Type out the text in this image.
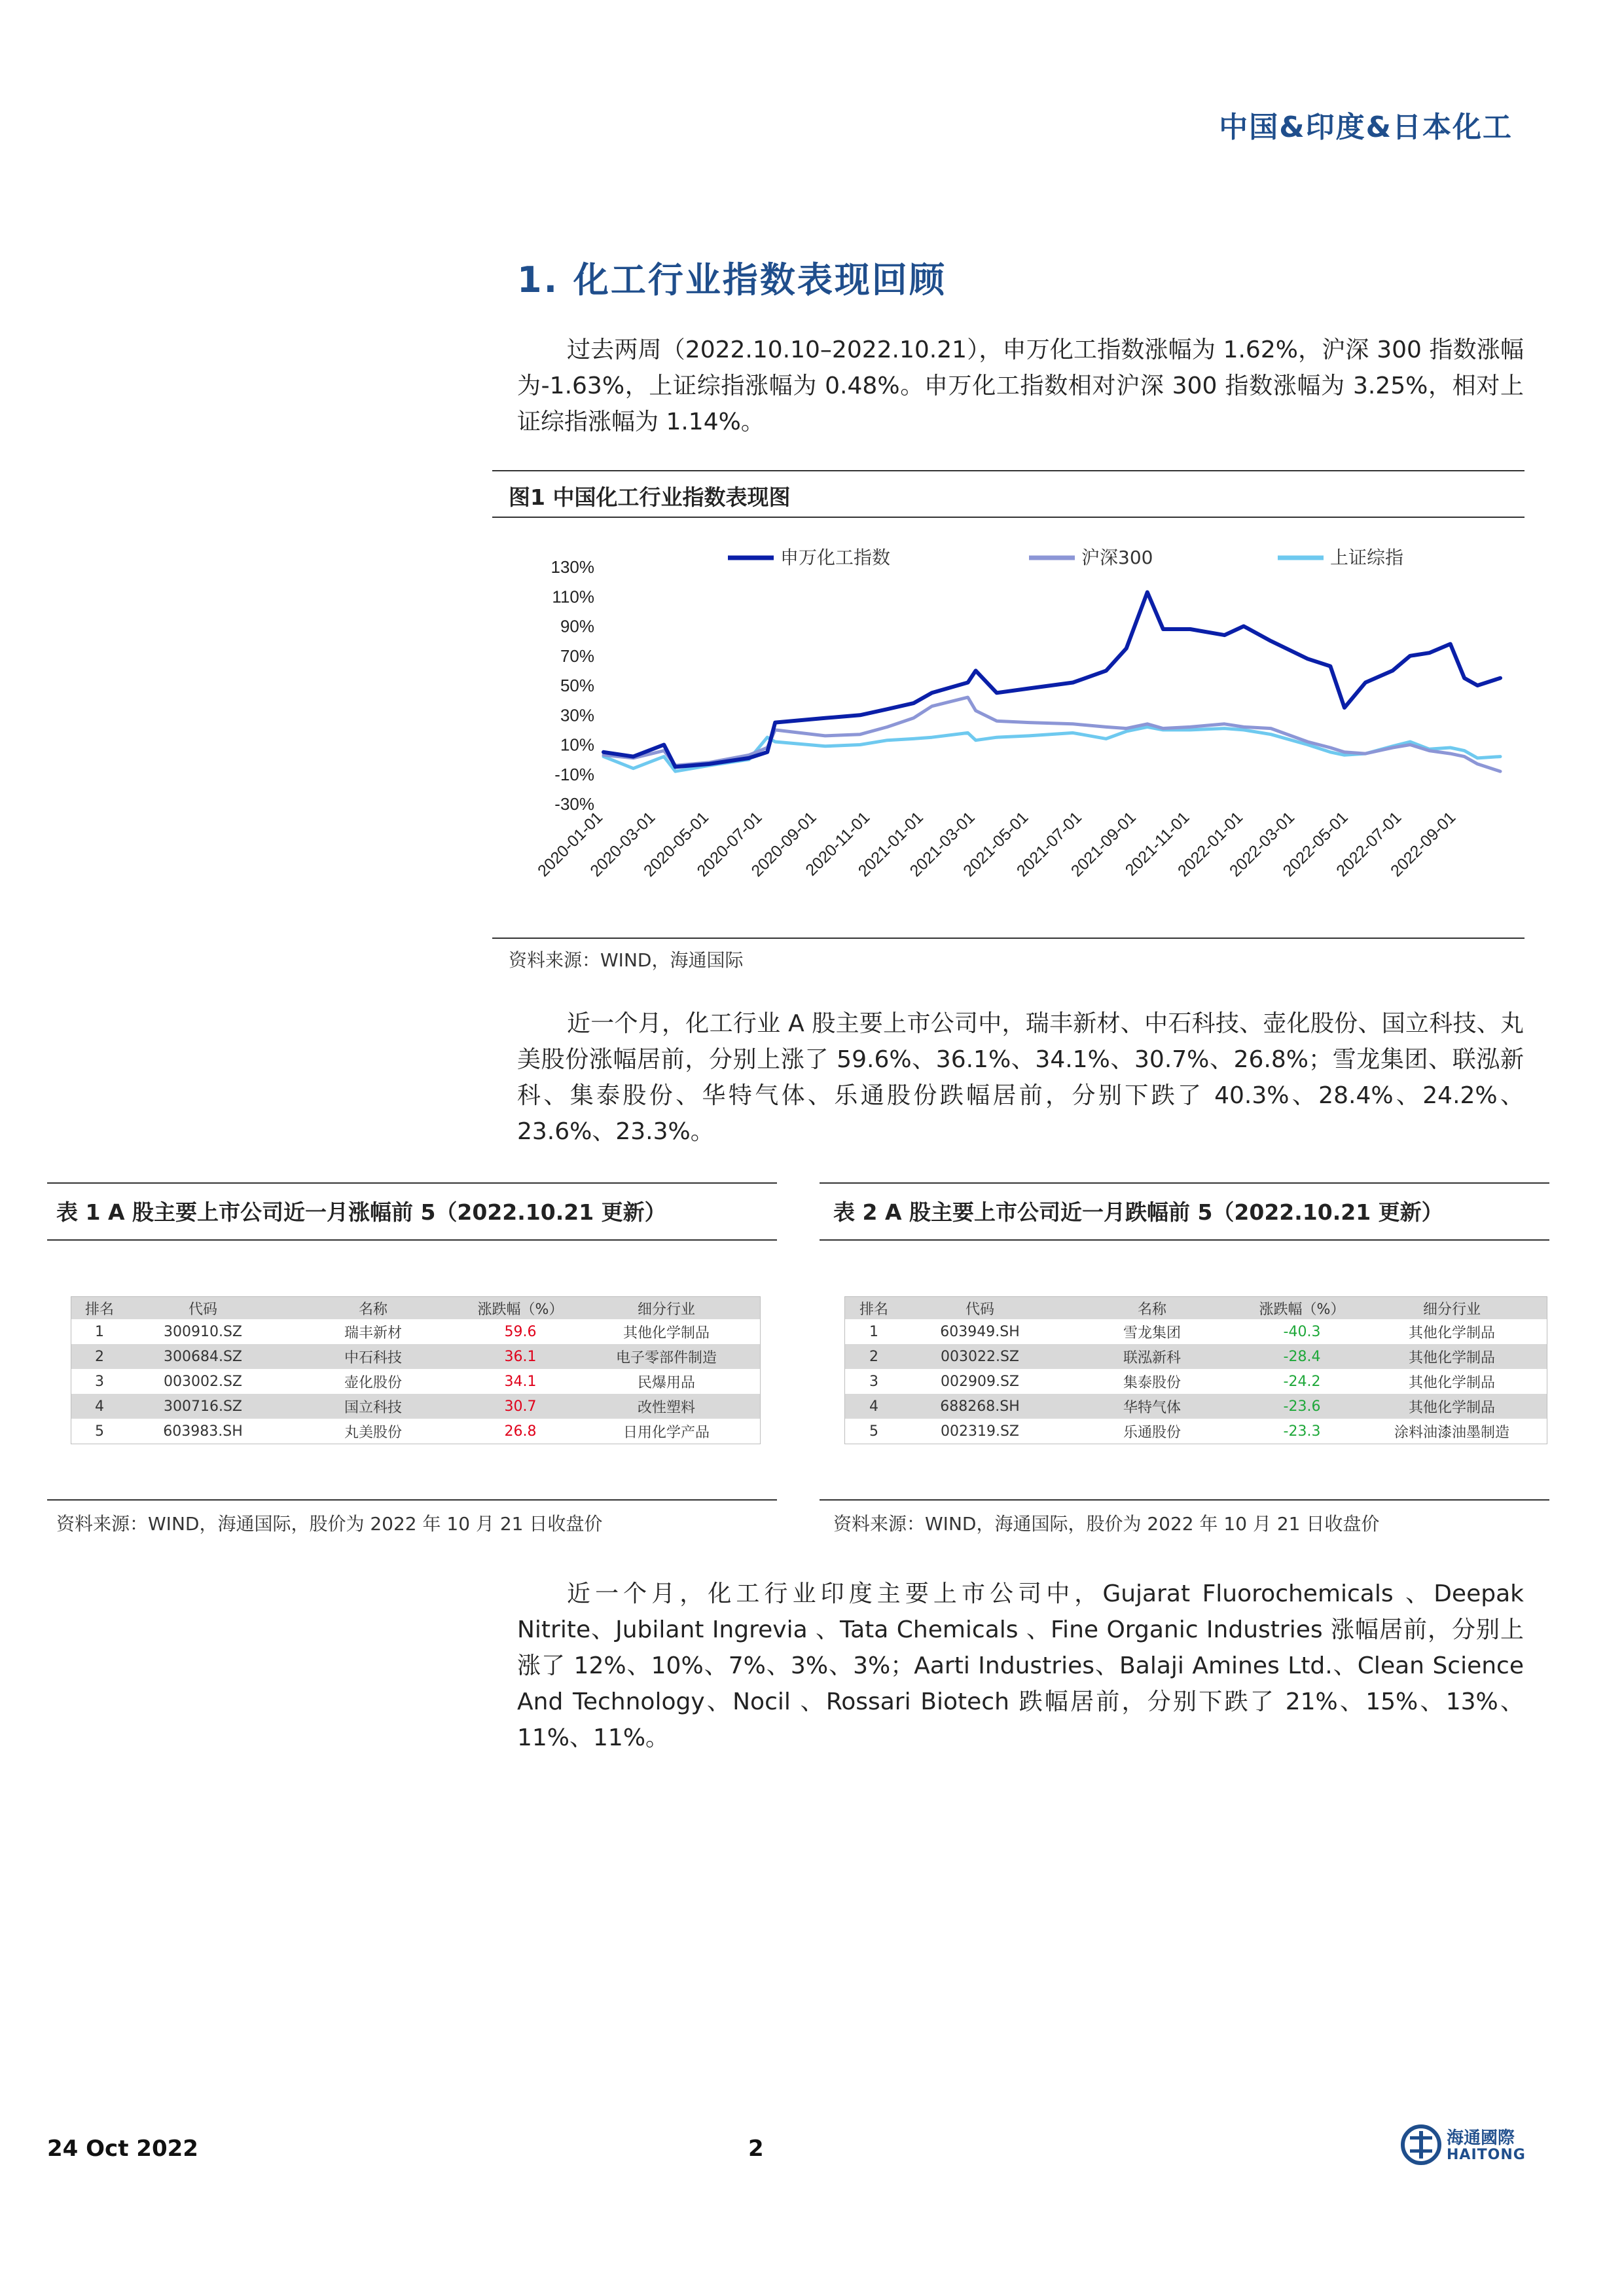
中国&印度&日本化工
1. 化工行业指数表现回顾

过去两周（2022.10.10–2022.10.21），申万化工指数涨幅为 1.62%，沪深 300 指数涨幅为-1.63%，上证综指涨幅为 0.48%。申万化工指数相对沪深 300 指数涨幅为 3.25%，相对上证综指涨幅为 1.14%。

图1 中国化工行业指数表现图
申万化工指数	沪深300	上证综指
130%
110%
90%
70%
50%
30%
10%
-10%
-30%
2020-01-01
2020-03-01
2020-05-01
2020-07-01
2020-09-01
2020-11-01
2021-01-01
2021-03-01
2021-05-01
2021-07-01
2021-09-01
2021-11-01
2022-01-01
2022-03-01
2022-05-01
2022-07-01
2022-09-01
资料来源：WIND，海通国际

近一个月，化工行业 A 股主要上市公司中，瑞丰新材、中石科技、壶化股份、国立科技、丸美股份涨幅居前，分别上涨了 59.6%、36.1%、34.1%、30.7%、26.8%；雪龙集团、联泓新科、集泰股份、华特气体、乐通股份跌幅居前，分别下跌了 40.3%、28.4%、24.2%、23.6%、23.3%。

表 1 A 股主要上市公司近一月涨幅前 5（2022.10.21 更新）
排名	代码	名称	涨跌幅（%）	细分行业
1	300910.SZ	瑞丰新材	59.6	其他化学制品
2	300684.SZ	中石科技	36.1	电子零部件制造
3	003002.SZ	壶化股份	34.1	民爆用品
4	300716.SZ	国立科技	30.7	改性塑料
5	603983.SH	丸美股份	26.8	日用化学产品
资料来源：WIND，海通国际，股价为 2022 年 10 月 21 日收盘价
表 2 A 股主要上市公司近一月跌幅前 5（2022.10.21 更新）
排名	代码	名称	涨跌幅（%）	细分行业
1	603949.SH	雪龙集团	-40.3	其他化学制品
2	003022.SZ	联泓新科	-28.4	其他化学制品
3	002909.SZ	集泰股份	-24.2	其他化学制品
4	688268.SH	华特气体	-23.6	其他化学制品
5	002319.SZ	乐通股份	-23.3	涂料油漆油墨制造
资料来源：WIND，海通国际，股价为 2022 年 10 月 21 日收盘价

近一个月，化工行业印度主要上市公司中，Gujarat Fluorochemicals 、Deepak Nitrite、Jubilant Ingrevia 、Tata Chemicals 、Fine Organic Industries 涨幅居前，分别上涨了 12%、10%、7%、3%、3%；Aarti Industries、Balaji Amines Ltd.、Clean Science And Technology、Nocil 、Rossari Biotech 跌幅居前，分别下跌了 21%、15%、13%、11%、11%。

24 Oct 2022	2	海通國際
HAITONG
